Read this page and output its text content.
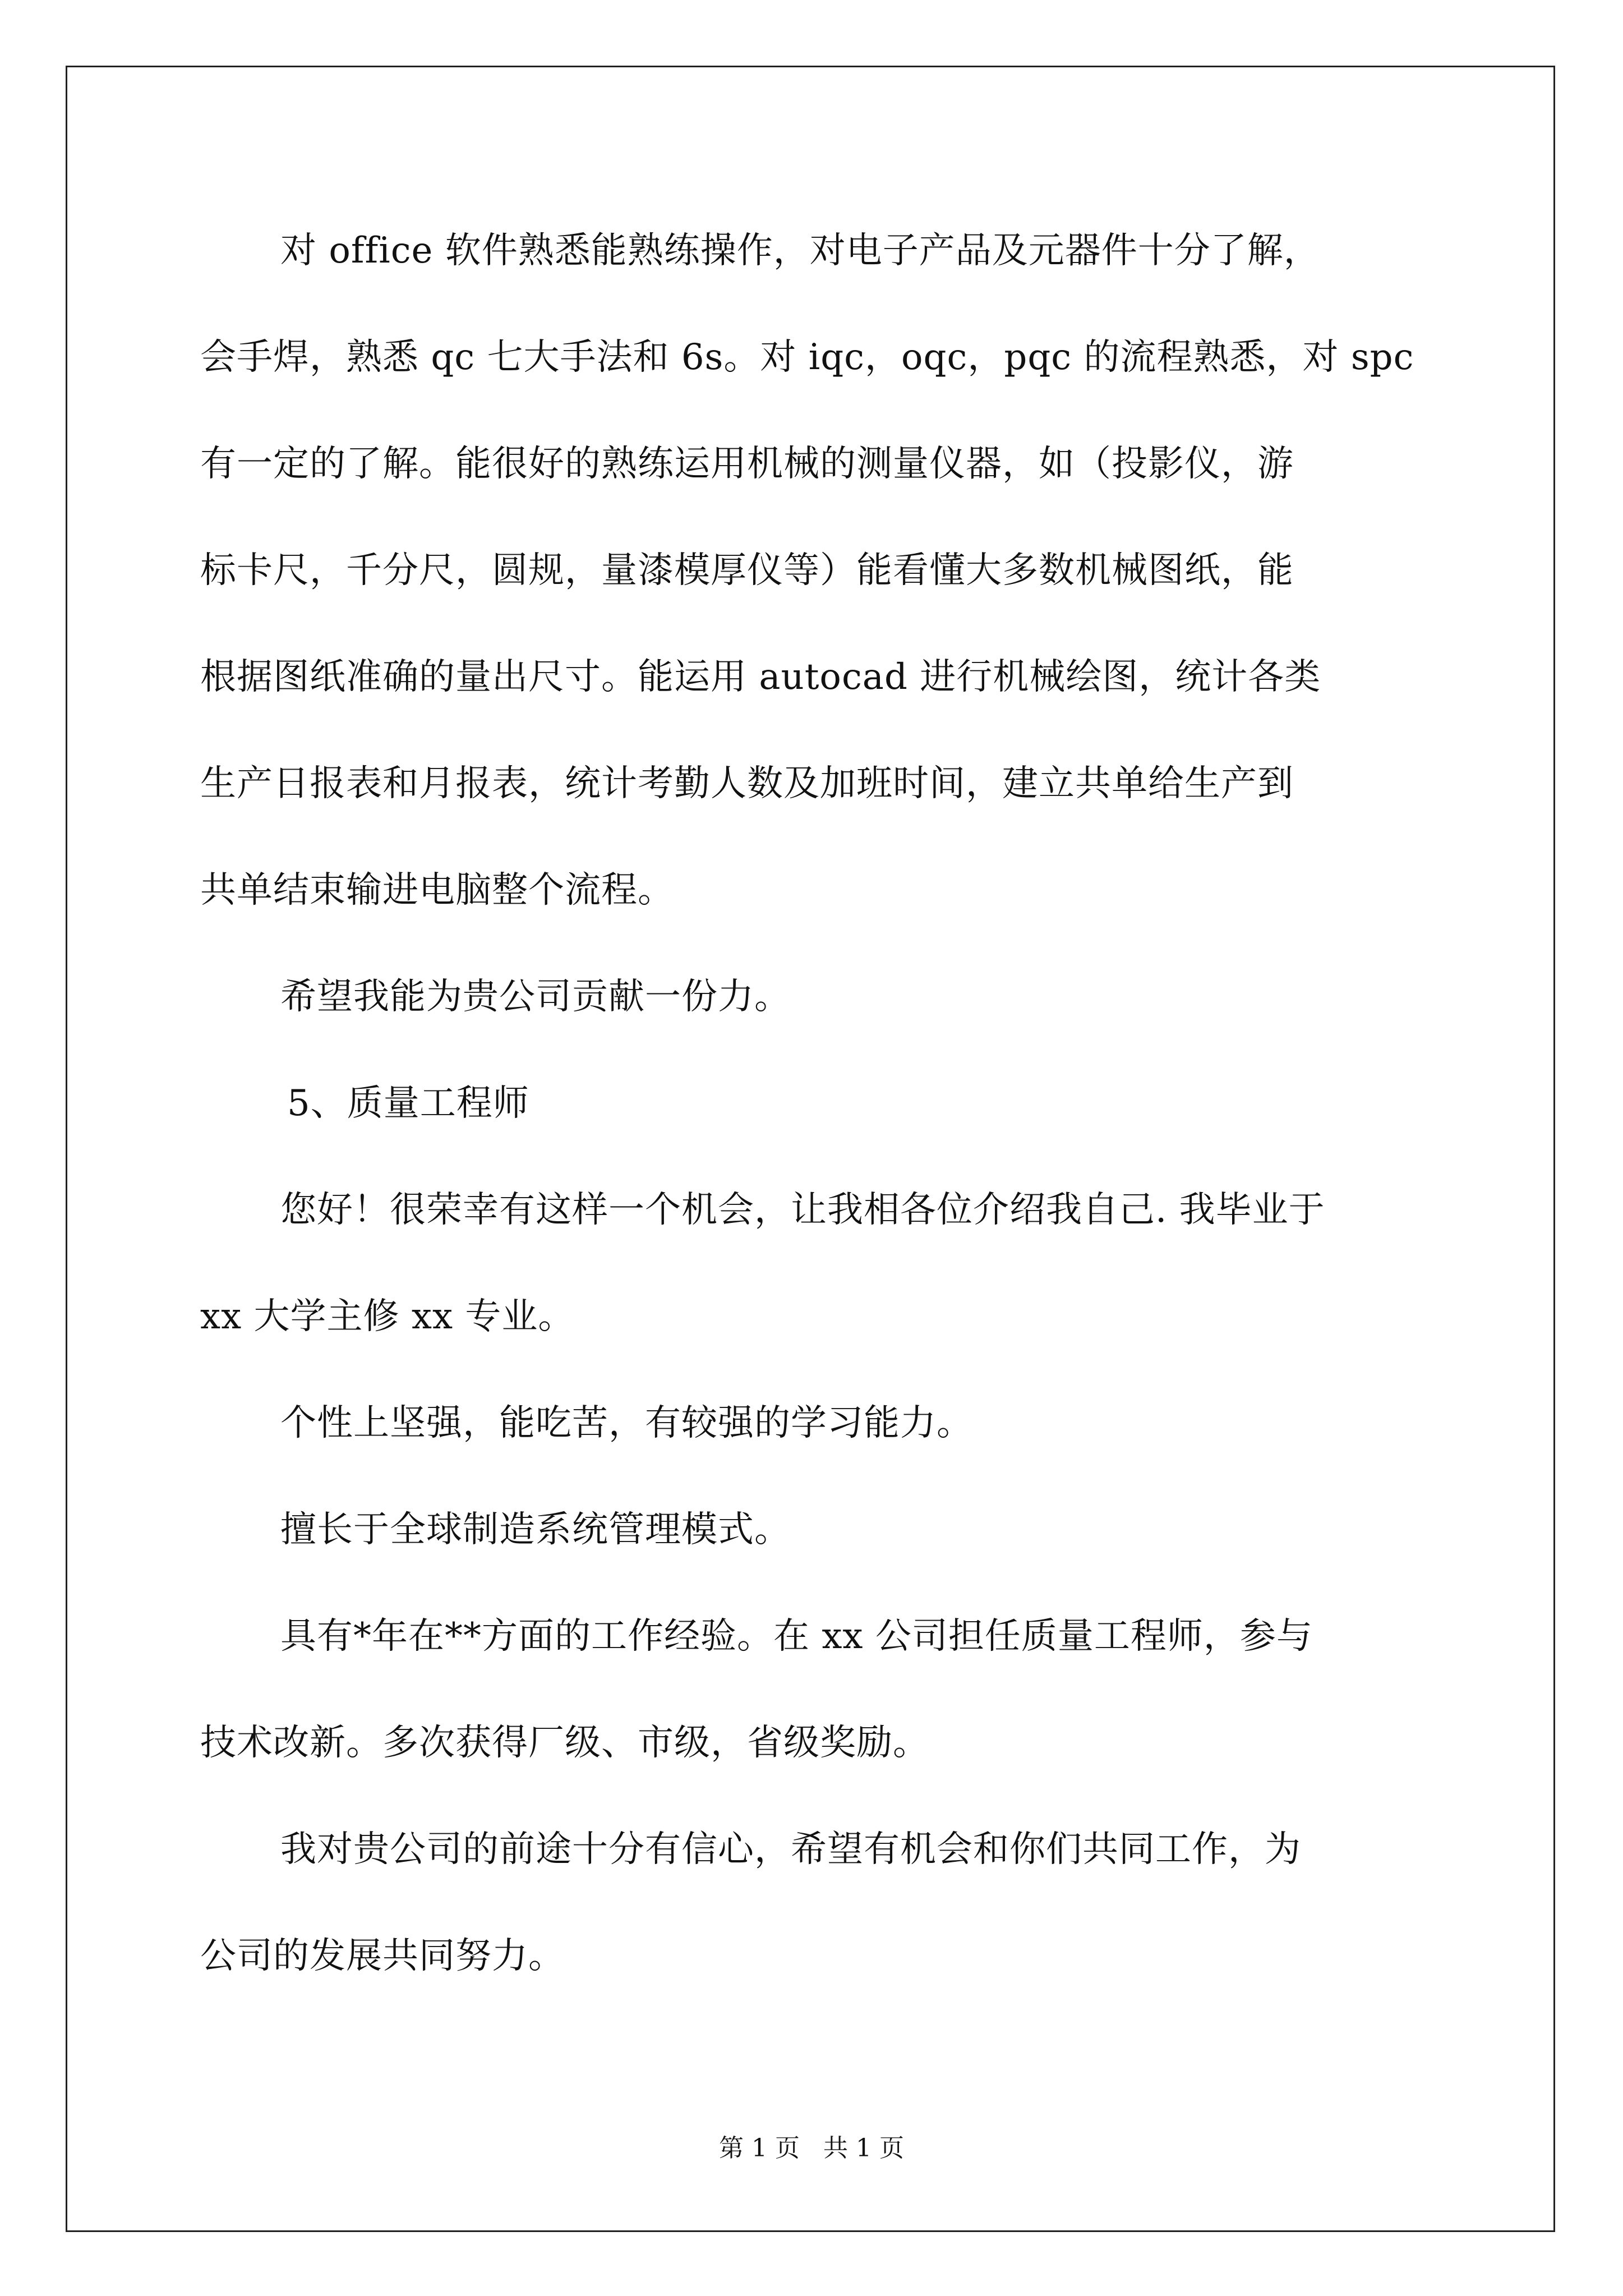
对 office 软件熟悉能熟练操作，对电子产品及元器件十分了解，
会手焊，熟悉 qc 七大手法和 6s。对 iqc，oqc，pqc 的流程熟悉，对 spc
有一定的了解。能很好的熟练运用机械的测量仪器，如（投影仪，游
标卡尺，千分尺，圆规，量漆模厚仪等）能看懂大多数机械图纸，能
根据图纸准确的量出尺寸。能运用 autocad 进行机械绘图，统计各类
生产日报表和月报表，统计考勤人数及加班时间，建立共单给生产到
共单结束输进电脑整个流程。
希望我能为贵公司贡献一份力。
5、质量工程师
您好！很荣幸有这样一个机会，让我相各位介绍我自己. 我毕业于
xx 大学主修 xx 专业。
个性上坚强，能吃苦，有较强的学习能力。
擅长于全球制造系统管理模式。
具有*年在**方面的工作经验。在 xx 公司担任质量工程师，参与
技术改新。多次获得厂级、市级，省级奖励。
我对贵公司的前途十分有信心，希望有机会和你们共同工作，为
公司的发展共同努力。
第 1 页   共 1 页
